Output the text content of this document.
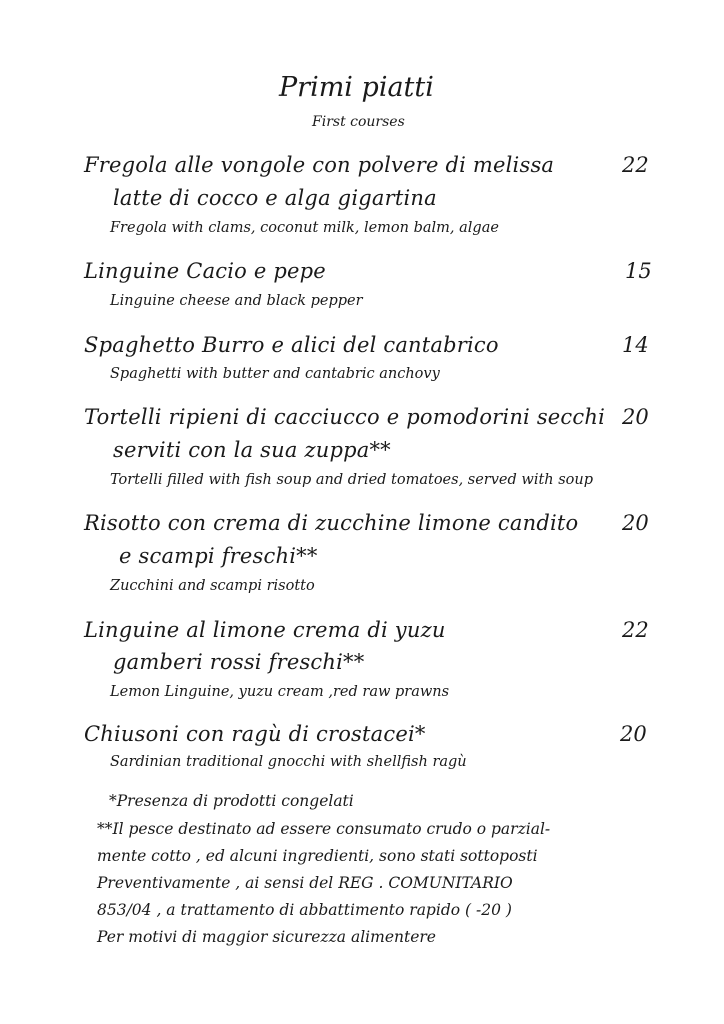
Primi piatti
First courses
Fregola alle vongole con polvere di melissa	22
latte di cocco e alga gigartina
Fregola with clams, coconut milk, lemon balm, algae
Linguine Cacio e pepe	15
Linguine cheese and black pepper
Spaghetto Burro e alici del cantabrico	14
Spaghetti with butter and cantabric anchovy
Tortelli ripieni di cacciucco e pomodorini secchi 20
serviti con la sua zuppa**
Tortelli filled with fish soup and dried tomatoes, served with soup
Risotto con crema di zucchine limone candito 20
e scampi freschi**
Zucchini and scampi risotto
Linguine al limone crema di yuzu	22
gamberi rossi freschi**
Lemon Linguine, yuzu cream ,red raw prawns
Chiusoni con ragù di crostacei*	20
Sardinian traditional gnocchi with shellfish ragù
*Presenza di prodotti congelati
**Il pesce destinato ad essere consumato crudo o parzial-
mente cotto , ed alcuni ingredienti, sono stati sottoposti
Preventivamente , ai sensi del REG . COMUNITARIO
853/04 , a trattamento di abbattimento rapido ( -20 )
Per motivi di maggior sicurezza alimentere
